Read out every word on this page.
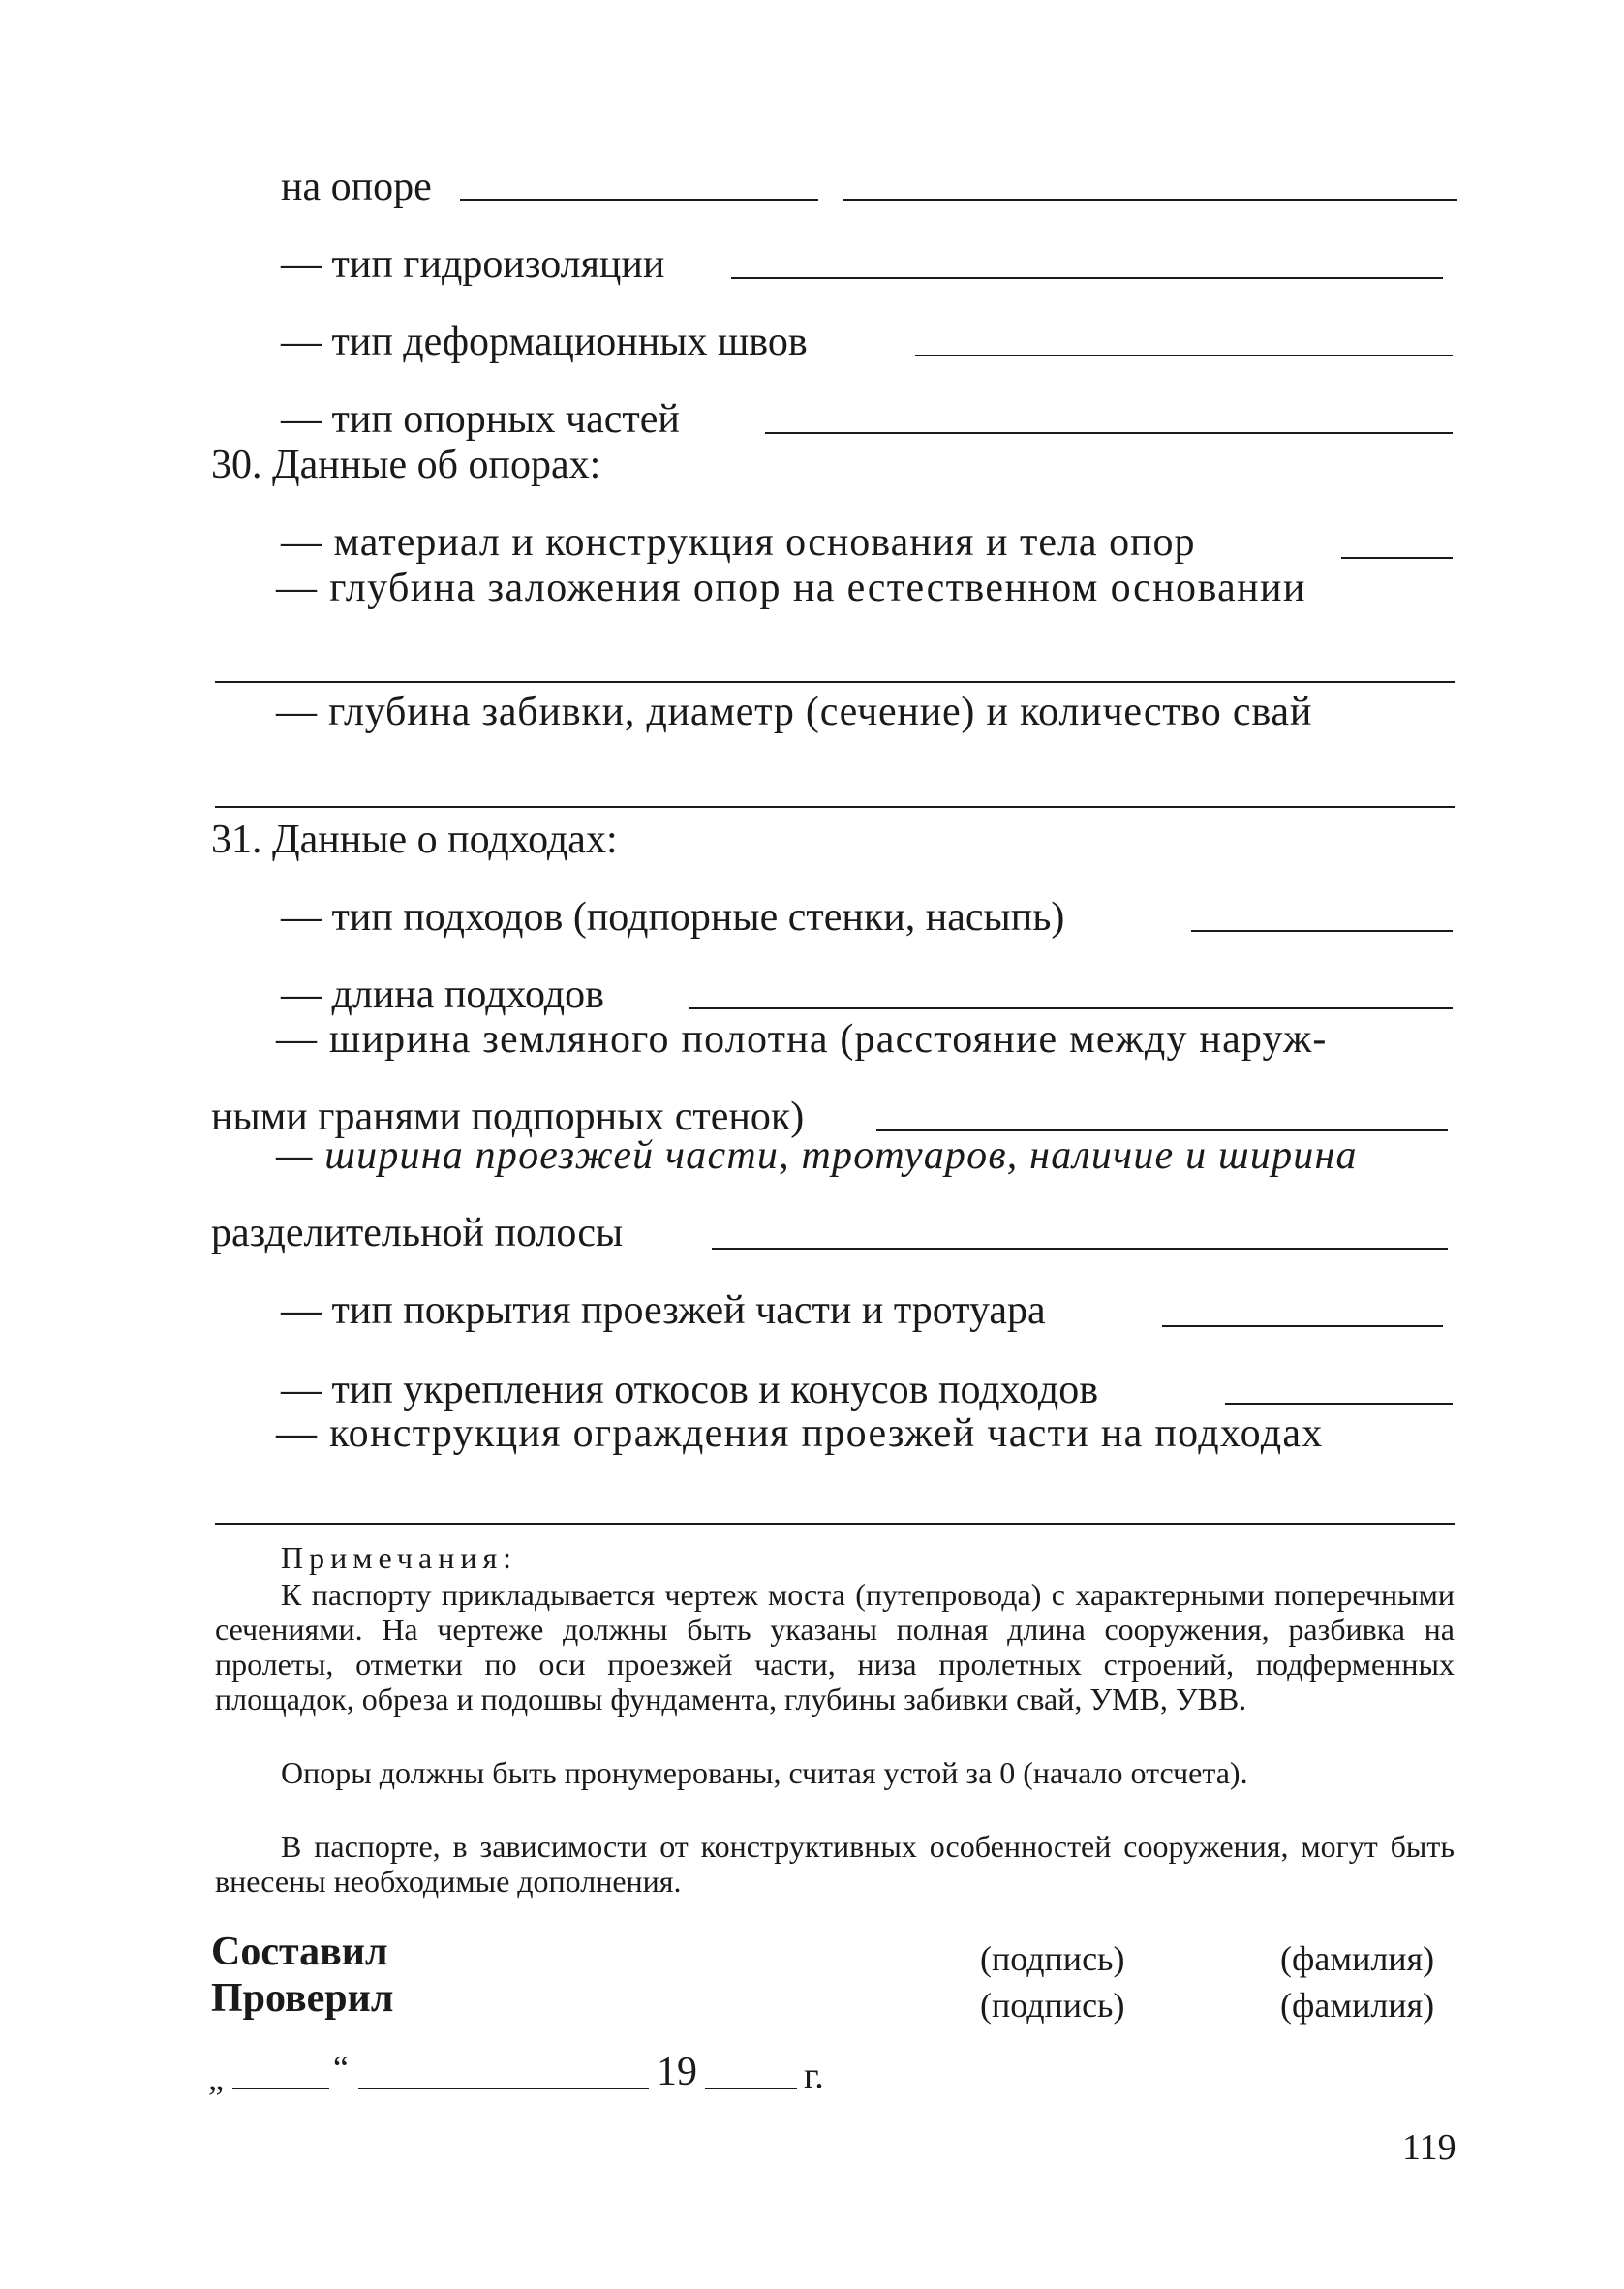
на опоре
— тип гидроизоляции
— тип деформационных швов
— тип опорных частей
30. Данные об опорах:
— материал и конструкция основания и тела опор
— глубина заложения опор на естественном основании
— глубина забивки, диаметр (сечение) и количество свай
31. Данные о подходах:
— тип подходов (подпорные стенки, насыпь)
— длина подходов
— ширина земляного полотна (расстояние между наруж-
ными гранями подпорных стенок)
— ширина проезжей части, тротуаров, наличие и ширина
разделительной полосы
— тип покрытия проезжей части и тротуара
— тип укрепления откосов и конусов подходов
— конструкция ограждения проезжей части на подходах
Примечания:
К паспорту прикладывается чертеж моста (путепровода) с характерными поперечными сечениями. На чертеже должны быть указаны полная длина сооружения, разбивка на пролеты, отметки по оси проезжей части, низа пролетных строений, подферменных площадок, обреза и подошвы фундамента, глубины забивки свай, УМВ, УВВ.
Опоры должны быть пронумерованы, считая устой за 0 (начало отсчета).
В паспорте, в зависимости от конструктивных особенностей сооружения, могут быть внесены необходимые дополнения.
Составил	(подпись)	(фамилия)
Проверил	(подпись)	(фамилия)
„	“	19	г.
119
